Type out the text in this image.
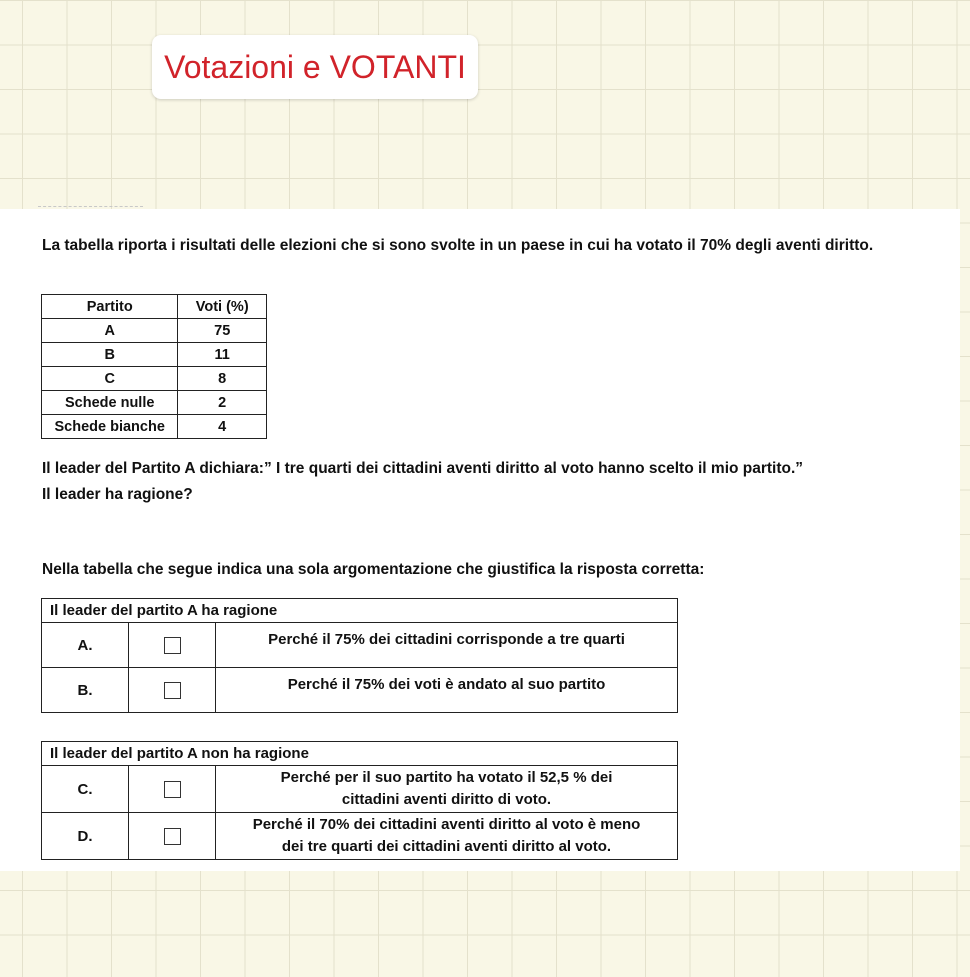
Votazioni e VOTANTI

La tabella riporta i risultati delle elezioni che si sono svolte in un paese in cui ha votato il 70% degli aventi diritto.

Partito	Voti (%)
A	75
B	11
C	8
Schede nulle	2
Schede bianche	4

Il leader del Partito A dichiara:” I tre quarti dei cittadini aventi diritto al voto hanno scelto il mio partito.”
Il leader ha ragione?

Nella tabella che segue indica una sola argomentazione che giustifica la risposta corretta:

Il leader del partito A ha ragione		
A.		Perché il 75% dei cittadini corrisponde a tre quarti
B.		Perché il 75% dei voti è andato al suo partito
Il leader del partito A non ha ragione		
C.		Perché per il suo partito ha votato il 52,5 % dei
cittadini aventi diritto di voto.
D.		Perché il 70% dei cittadini aventi diritto al voto è meno
dei tre quarti dei cittadini aventi diritto al voto.
